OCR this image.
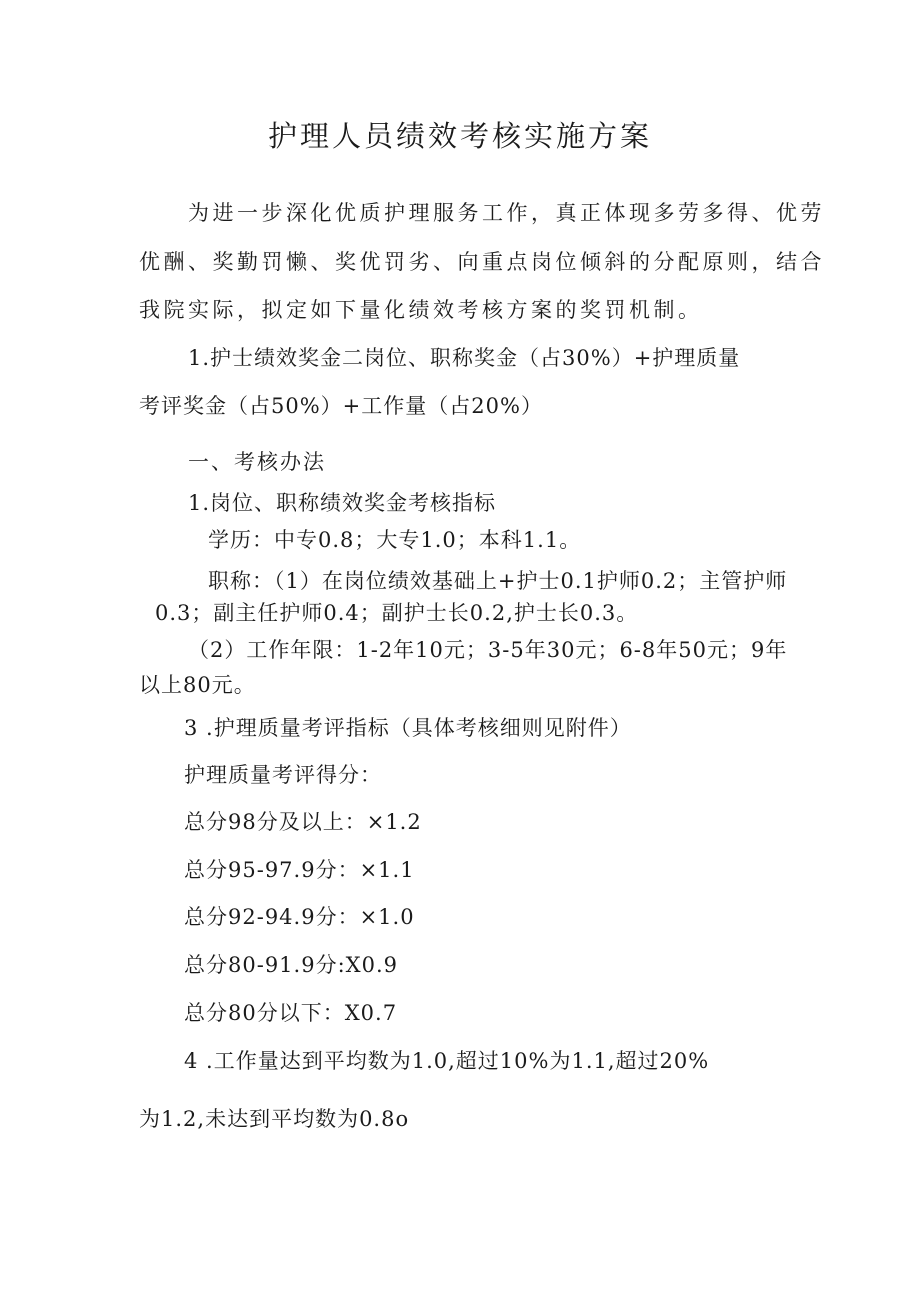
护理人员绩效考核实施方案
为进一步深化优质护理服务工作，真正体现多劳多得、优劳
优酬、奖勤罚懒、奖优罚劣、向重点岗位倾斜的分配原则，结合
我院实际，拟定如下量化绩效考核方案的奖罚机制。
1.护士绩效奖金二岗位、职称奖金（占30%）+护理质量
考评奖金（占50%）+工作量（占20%）
一、考核办法
1.岗位、职称绩效奖金考核指标
学历：中专0.8；大专1.0；本科1.1。
职称：（1）在岗位绩效基础上+护士0.1护师0.2；主管护师
0.3；副主任护师0.4；副护士长0.2,护士长0.3。
（2）工作年限：1-2年10元；3-5年30元；6-8年50元；9年
以上80元。
3 .护理质量考评指标（具体考核细则见附件）
护理质量考评得分：
总分98分及以上：×1.2
总分95-97.9分：×1.1
总分92-94.9分：×1.0
总分80-91.9分:X0.9
总分80分以下：X0.7
4 .工作量达到平均数为1.0,超过10%为1.1,超过20%
为1.2,未达到平均数为0.8o
